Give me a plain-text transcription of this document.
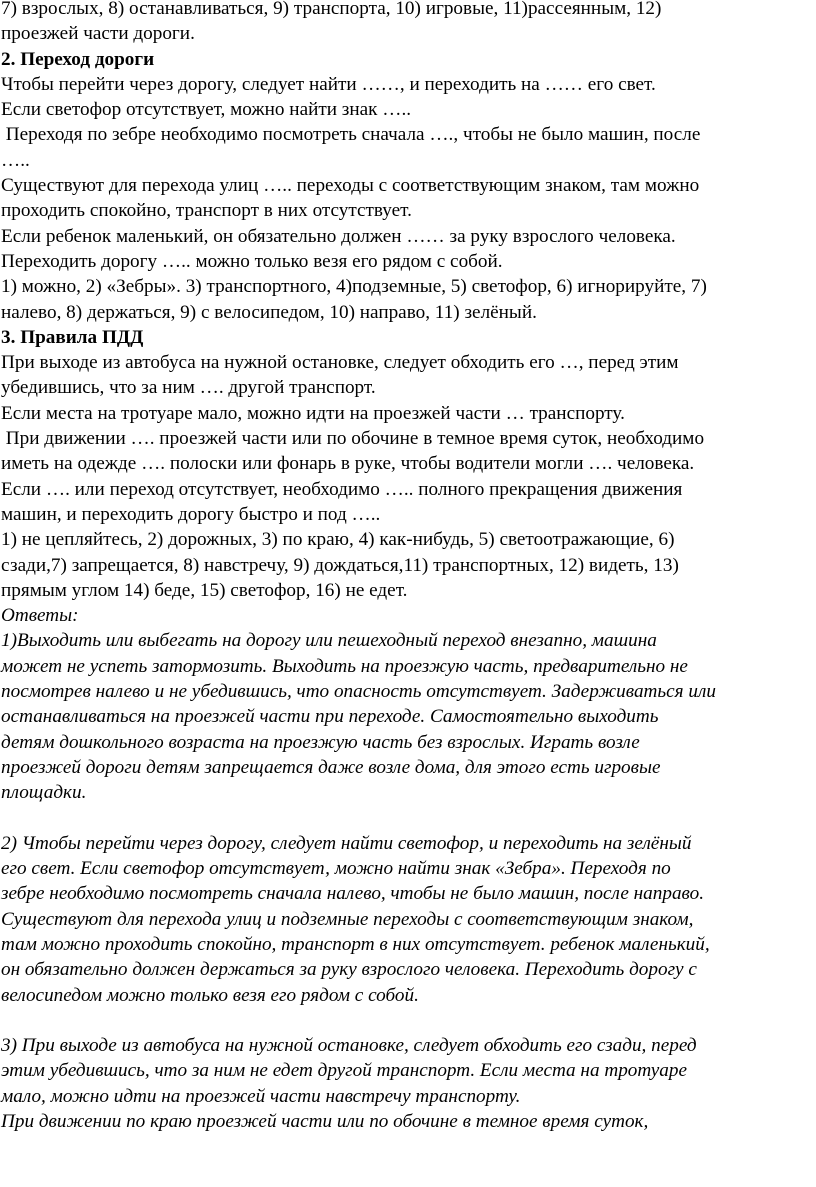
7) взрослых, 8) останавливаться, 9) транспорта, 10) игровые, 11)рассеянным, 12)
проезжей части дороги.
2. Переход дороги
Чтобы перейти через дорогу, следует найти ……, и переходить на …… его свет.
Если светофор отсутствует, можно найти знак …..
Переходя по зебре необходимо посмотреть сначала …., чтобы не было машин, после
…..
Существуют для перехода улиц ….. переходы с соответствующим знаком, там можно
проходить спокойно, транспорт в них отсутствует.
Если ребенок маленький, он обязательно должен …… за руку взрослого человека.
Переходить дорогу ….. можно только везя его рядом с собой.
1) можно, 2) «Зебры». 3) транспортного, 4)подземные, 5) светофор, 6) игнорируйте, 7)
налево, 8) держаться, 9) с велосипедом, 10) направо, 11) зелёный.
3. Правила ПДД
При выходе из автобуса на нужной остановке, следует обходить его …, перед этим
убедившись, что за ним …. другой транспорт.
Если места на тротуаре мало, можно идти на проезжей части … транспорту.
При движении …. проезжей части или по обочине в темное время суток, необходимо
иметь на одежде …. полоски или фонарь в руке, чтобы водители могли …. человека.
Если …. или переход отсутствует, необходимо ….. полного прекращения движения
машин, и переходить дорогу быстро и под …..
1) не цепляйтесь, 2) дорожных, 3) по краю, 4) как-нибудь, 5) светоотражающие, 6)
сзади,7) запрещается, 8) навстречу, 9) дождаться,11) транспортных, 12) видеть, 13)
прямым углом 14) беде, 15) светофор, 16) не едет.
Ответы:
1)Выходить или выбегать на дорогу или пешеходный переход внезапно, машина
может не успеть затормозить. Выходить на проезжую часть, предварительно не
посмотрев налево и не убедившись, что опасность отсутствует. Задерживаться или
останавливаться на проезжей части при переходе. Самостоятельно выходить
детям дошкольного возраста на проезжую часть без взрослых. Играть возле
проезжей дороги детям запрещается даже возле дома, для этого есть игровые
площадки.
2) Чтобы перейти через дорогу, следует найти светофор, и переходить на зелёный
его свет. Если светофор отсутствует, можно найти знак «Зебра». Переходя по
зебре необходимо посмотреть сначала налево, чтобы не было машин, после направо.
Существуют для перехода улиц и подземные переходы с соответствующим знаком,
там можно проходить спокойно, транспорт в них отсутствует. ребенок маленький,
он обязательно должен держаться за руку взрослого человека. Переходить дорогу с
велосипедом можно только везя его рядом с собой.
3) При выходе из автобуса на нужной остановке, следует обходить его сзади, перед
этим убедившись, что за ним не едет другой транспорт. Если места на тротуаре
мало, можно идти на проезжей части навстречу транспорту.
При движении по краю проезжей части или по обочине в темное время суток,
